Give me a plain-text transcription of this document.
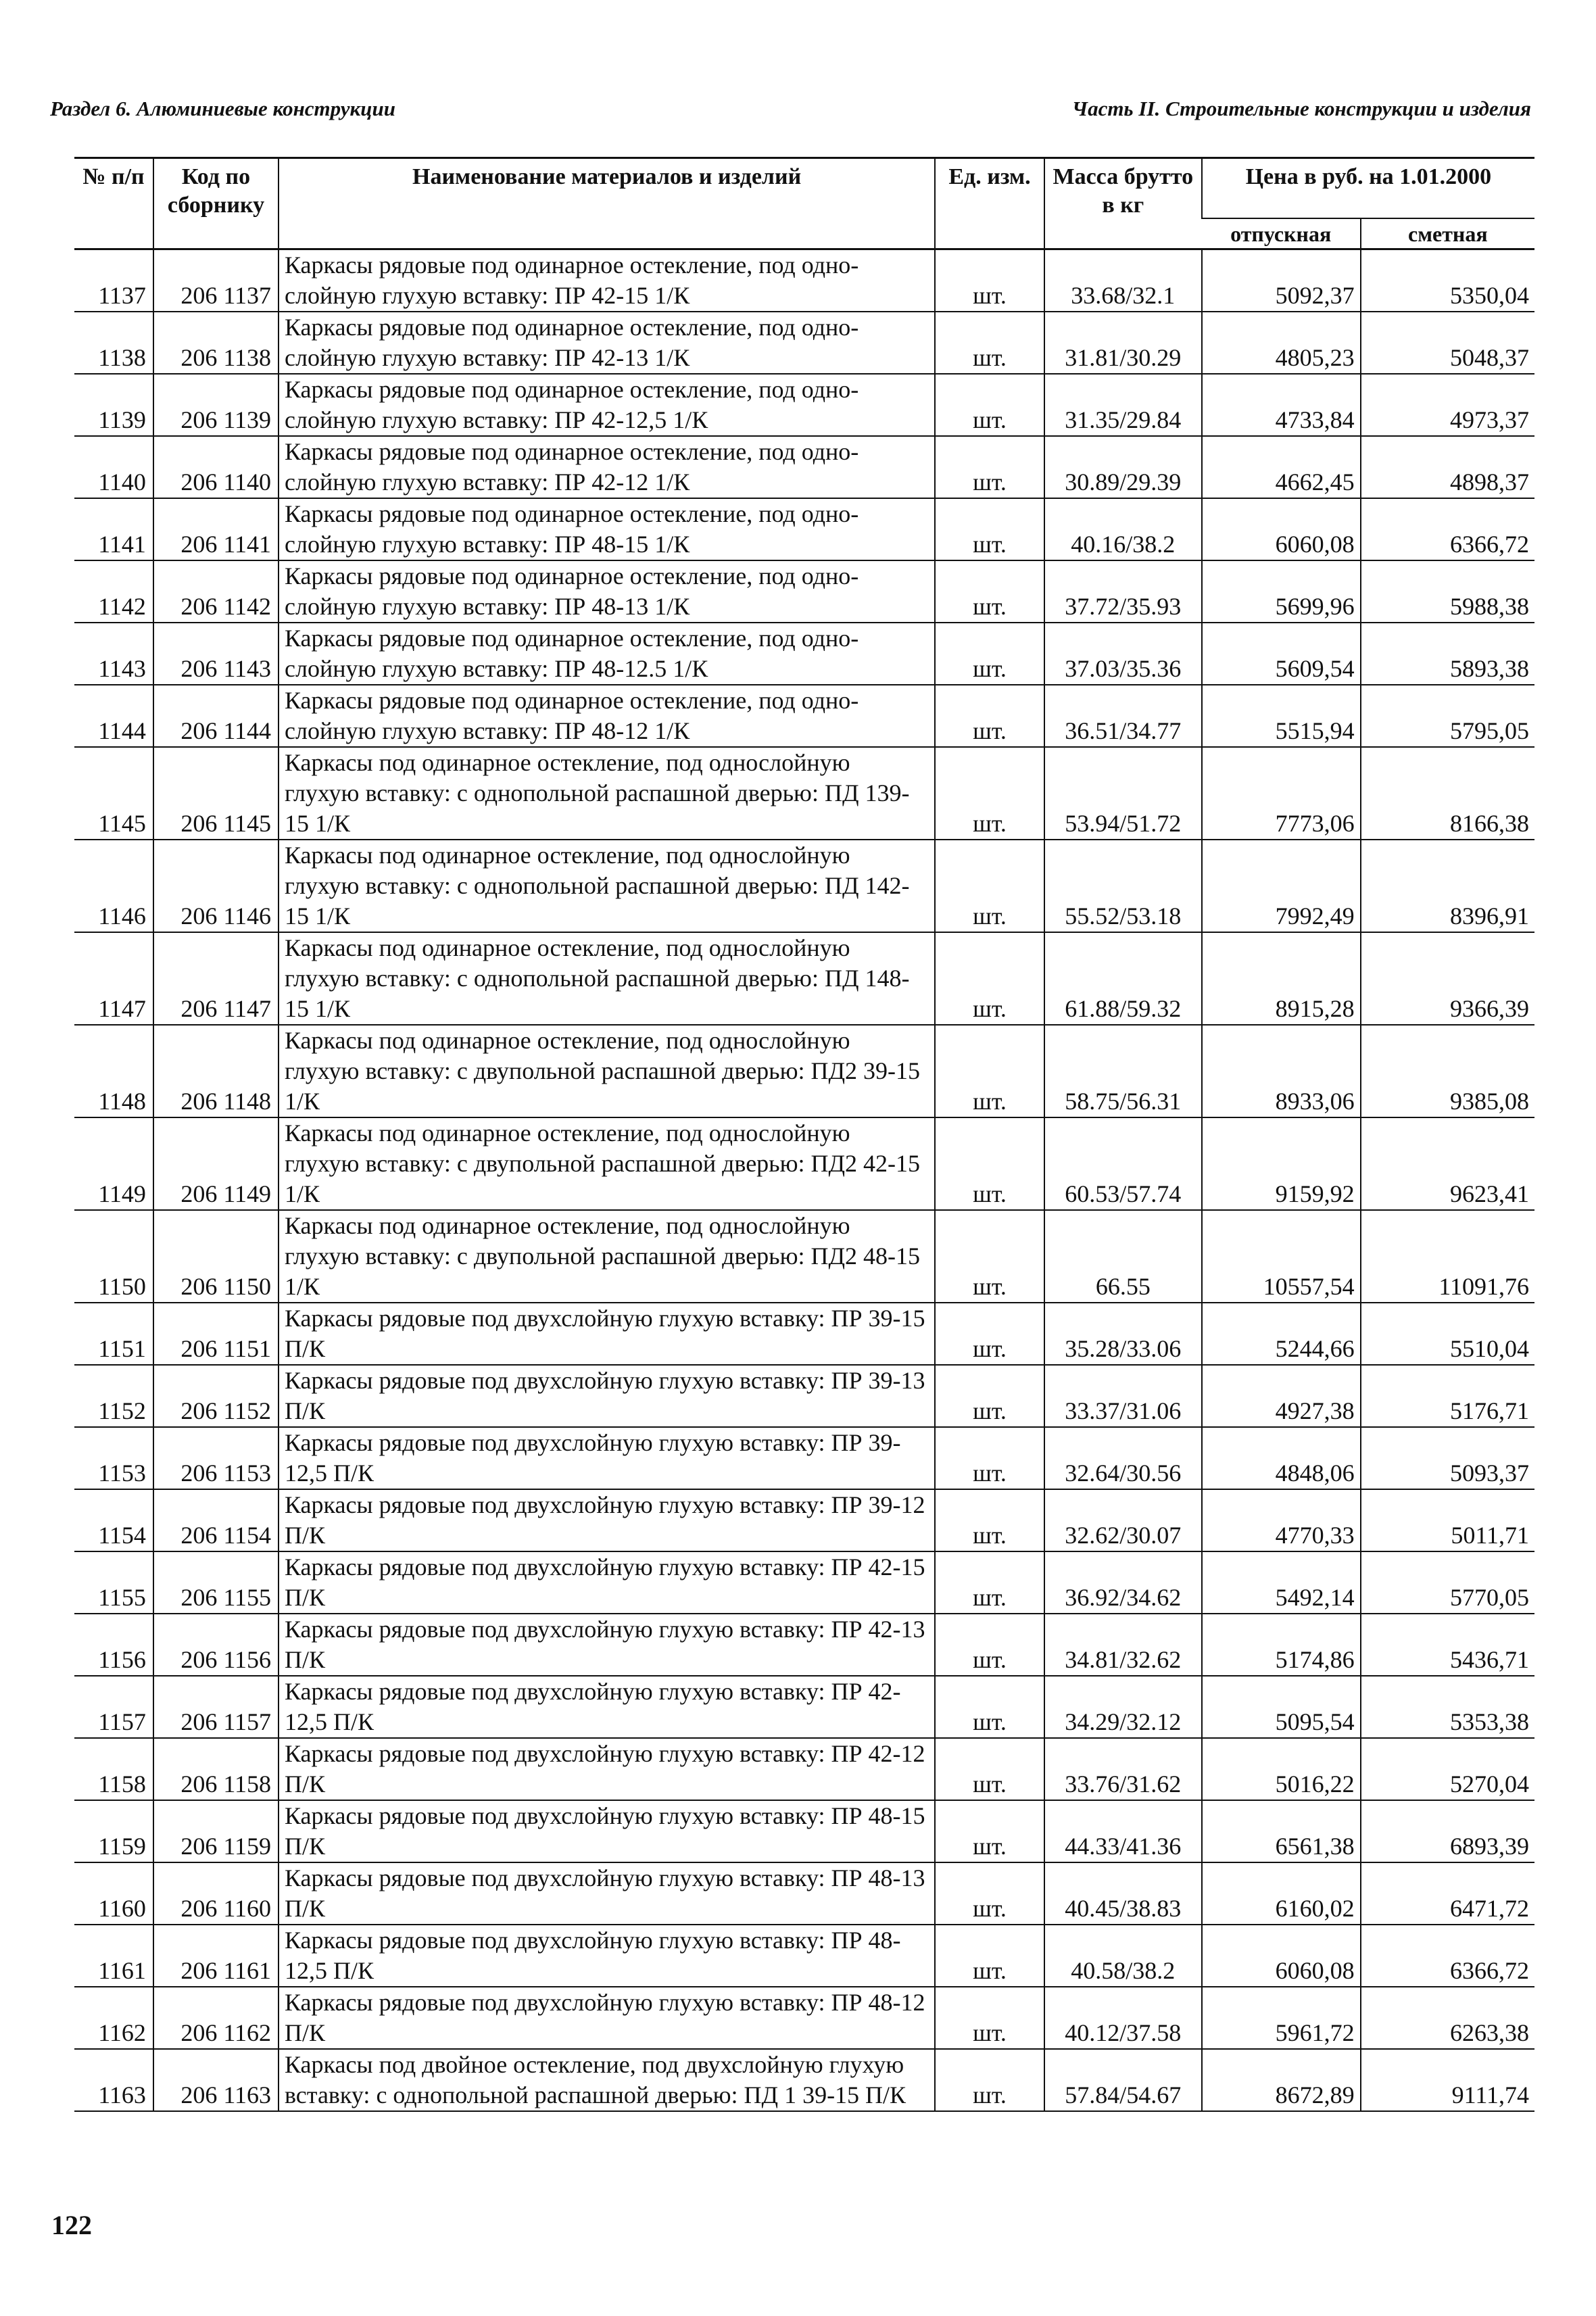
Раздел 6. Алюминиевые конструкции	Часть II. Строительные конструкции и изделия
№ п/п	Код по сборнику	Наименование материалов и изделий	Ед. изм.	Масса брутто в кг	Цена в руб. на 1.01.2000	
					отпускная	сметная
1137	206 1137	Каркасы рядовые под одинарное остекление, под одно-слойную глухую вставку: ПР 42-15 1/К	шт.	33.68/32.1	5092,37	5350,04
1138	206 1138	Каркасы рядовые под одинарное остекление, под одно-слойную глухую вставку: ПР 42-13 1/К	шт.	31.81/30.29	4805,23	5048,37
1139	206 1139	Каркасы рядовые под одинарное остекление, под одно-слойную глухую вставку: ПР 42-12,5 1/К	шт.	31.35/29.84	4733,84	4973,37
1140	206 1140	Каркасы рядовые под одинарное остекление, под одно-слойную глухую вставку: ПР 42-12 1/К	шт.	30.89/29.39	4662,45	4898,37
1141	206 1141	Каркасы рядовые под одинарное остекление, под одно-слойную глухую вставку: ПР 48-15 1/К	шт.	40.16/38.2	6060,08	6366,72
1142	206 1142	Каркасы рядовые под одинарное остекление, под одно-слойную глухую вставку: ПР 48-13 1/К	шт.	37.72/35.93	5699,96	5988,38
1143	206 1143	Каркасы рядовые под одинарное остекление, под одно-слойную глухую вставку: ПР 48-12.5 1/К	шт.	37.03/35.36	5609,54	5893,38
1144	206 1144	Каркасы рядовые под одинарное остекление, под одно-слойную глухую вставку: ПР 48-12 1/К	шт.	36.51/34.77	5515,94	5795,05
1145	206 1145	Каркасы под одинарное остекление, под однослойную глухую вставку: с однопольной распашной дверью: ПД 139-15 1/К	шт.	53.94/51.72	7773,06	8166,38
1146	206 1146	Каркасы под одинарное остекление, под однослойную глухую вставку: с однопольной распашной дверью: ПД 142-15 1/К	шт.	55.52/53.18	7992,49	8396,91
1147	206 1147	Каркасы под одинарное остекление, под однослойную глухую вставку: с однопольной распашной дверью: ПД 148-15 1/К	шт.	61.88/59.32	8915,28	9366,39
1148	206 1148	Каркасы под одинарное остекление, под однослойную глухую вставку: с двупольной распашной дверью: ПД2 39-15 1/К	шт.	58.75/56.31	8933,06	9385,08
1149	206 1149	Каркасы под одинарное остекление, под однослойную глухую вставку: с двупольной распашной дверью: ПД2 42-15 1/К	шт.	60.53/57.74	9159,92	9623,41
1150	206 1150	Каркасы под одинарное остекление, под однослойную глухую вставку: с двупольной распашной дверью: ПД2 48-15 1/К	шт.	66.55	10557,54	11091,76
1151	206 1151	Каркасы рядовые под двухслойную глухую вставку: ПР 39-15 П/К	шт.	35.28/33.06	5244,66	5510,04
1152	206 1152	Каркасы рядовые под двухслойную глухую вставку: ПР 39-13 П/К	шт.	33.37/31.06	4927,38	5176,71
1153	206 1153	Каркасы рядовые под двухслойную глухую вставку: ПР 39-12,5 П/К	шт.	32.64/30.56	4848,06	5093,37
1154	206 1154	Каркасы рядовые под двухслойную глухую вставку: ПР 39-12 П/К	шт.	32.62/30.07	4770,33	5011,71
1155	206 1155	Каркасы рядовые под двухслойную глухую вставку: ПР 42-15 П/К	шт.	36.92/34.62	5492,14	5770,05
1156	206 1156	Каркасы рядовые под двухслойную глухую вставку: ПР 42-13 П/К	шт.	34.81/32.62	5174,86	5436,71
1157	206 1157	Каркасы рядовые под двухслойную глухую вставку: ПР 42-12,5 П/К	шт.	34.29/32.12	5095,54	5353,38
1158	206 1158	Каркасы рядовые под двухслойную глухую вставку: ПР 42-12 П/К	шт.	33.76/31.62	5016,22	5270,04
1159	206 1159	Каркасы рядовые под двухслойную глухую вставку: ПР 48-15 П/К	шт.	44.33/41.36	6561,38	6893,39
1160	206 1160	Каркасы рядовые под двухслойную глухую вставку: ПР 48-13 П/К	шт.	40.45/38.83	6160,02	6471,72
1161	206 1161	Каркасы рядовые под двухслойную глухую вставку: ПР 48-12,5 П/К	шт.	40.58/38.2	6060,08	6366,72
1162	206 1162	Каркасы рядовые под двухслойную глухую вставку: ПР 48-12 П/К	шт.	40.12/37.58	5961,72	6263,38
1163	206 1163	Каркасы под двойное остекление, под двухслойную глухую вставку: с однопольной распашной дверью: ПД 1 39-15 П/К	шт.	57.84/54.67	8672,89	9111,74
122
